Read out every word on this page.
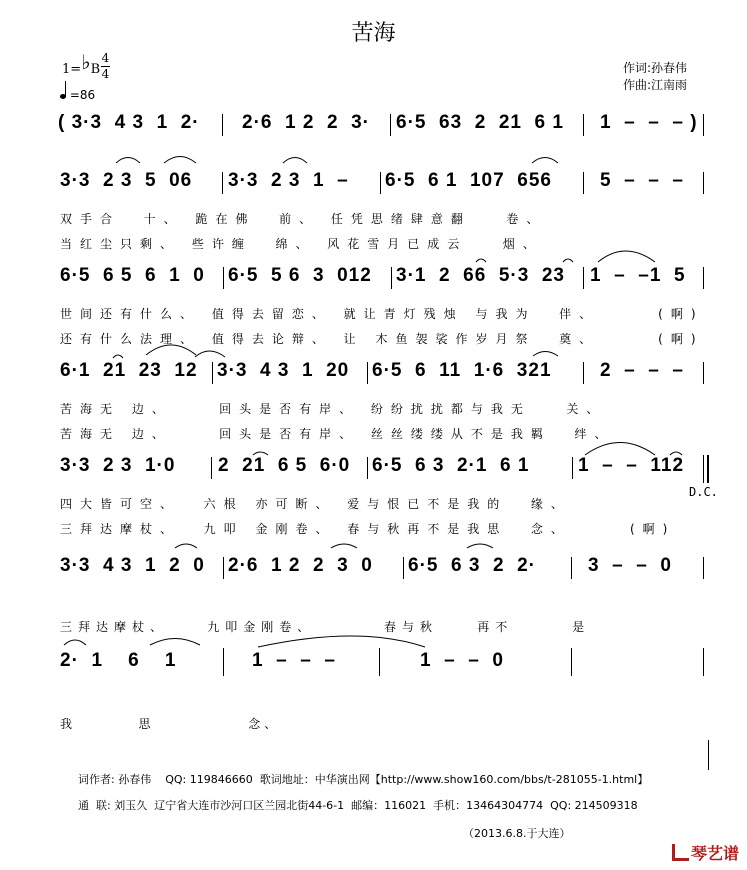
苦海
1=♭B
4
4
=86
作词:孙春伟
作曲:江南雨
( 3·3  4 3  1  2· 2·6  1 2  2  3· 6·5  63  2  21  6 1 1  –  –  – )
3·3  2 3  5  06 3·3  2 3  1  – 6·5  6 1  107  656	5  –  –  –
双手合  十、 跪在佛  前、 任凭思绪肆意翻   卷、
当红尘只剩、 些许缠  绵、 风花雪月已成云   烟、
6·5  6 5  6  1  0 6·5  5 6  3  012 3·1  2  66  5·3  23 1  –  –1  5
世间还有什么、 值得去留恋、 就让青灯残烛 与我为  伴、     (啊)
还有什么法理、 值得去论辩、 让 木鱼袈裟作岁月祭  奠、     (啊)
6·1  21  23  12 3·3  4 3  1  20 6·5  6  11  1·6  321	2  –  –  –
苦海无 边、    回头是否有岸、 纷纷扰扰都与我无   关、
苦海无 边、    回头是否有岸、 丝丝缕缕从不是我羁  绊、
3·3  2 3  1·0 2  21  6 5  6·0 6·5  6 3  2·1  6 1	1  –  –  112
D.C.
四大皆可空、  六根 亦可断、 爱与恨已不是我的  缘、
三拜达摩杖、  九叩 金刚卷、 春与秋再不是我思  念、     (啊)
3·3  4 3  1  2  0 2·6  1 2  2  3  0 6·5  6 3  2  2·	3  –  –  0
三拜达摩杖、    九叩金刚卷、       春与秋    再不      是
2·  1    6    1	1  –  –  –	1  –  –  0
我        思            念、
词作者: 孙春伟 QQ: 119846660 歌词地址：中华演出网【http://www.show160.com/bbs/t-281055-1.html】
通  联: 刘玉久 辽宁省大连市沙河口区兰园北街44-6-1 邮编：116021 手机：13464304774 QQ: 214509318
（2013.6.8.于大连）
琴艺谱
